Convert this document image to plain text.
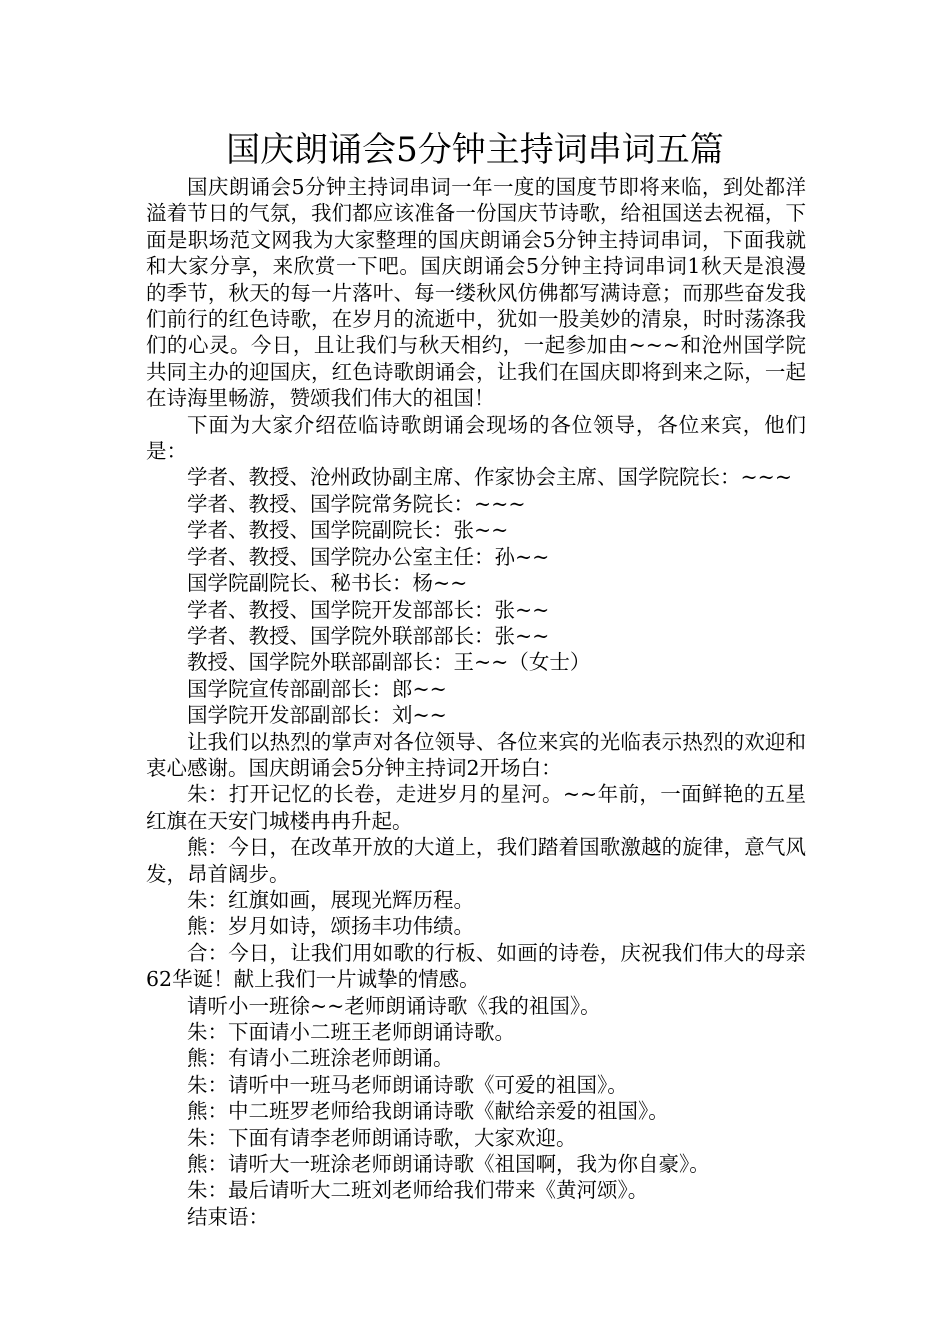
国庆朗诵会5分钟主持词串词五篇

国庆朗诵会5分钟主持词串词一年一度的国度节即将来临，到处都洋溢着节日的气氛，我们都应该准备一份国庆节诗歌，给祖国送去祝福，下面是职场范文网我为大家整理的国庆朗诵会5分钟主持词串词，下面我就和大家分享，来欣赏一下吧。国庆朗诵会5分钟主持词串词1秋天是浪漫的季节，秋天的每一片落叶、每一缕秋风仿佛都写满诗意；而那些奋发我们前行的红色诗歌，在岁月的流逝中，犹如一股美妙的清泉，时时荡涤我们的心灵。今日，且让我们与秋天相约，一起参加由~~~和沧州国学院共同主办的迎国庆，红色诗歌朗诵会，让我们在国庆即将到来之际，一起在诗海里畅游，赞颂我们伟大的祖国！

下面为大家介绍莅临诗歌朗诵会现场的各位领导，各位来宾，他们是：

学者、教授、沧州政协副主席、作家协会主席、国学院院长：~~~

学者、教授、国学院常务院长：~~~

学者、教授、国学院副院长：张~~

学者、教授、国学院办公室主任：孙~~

国学院副院长、秘书长：杨~~

学者、教授、国学院开发部部长：张~~

学者、教授、国学院外联部部长：张~~

教授、国学院外联部副部长：王~~（女士）

国学院宣传部副部长：郎~~

国学院开发部副部长：刘~~

让我们以热烈的掌声对各位领导、各位来宾的光临表示热烈的欢迎和衷心感谢。国庆朗诵会5分钟主持词2开场白：

朱：打开记忆的长卷，走进岁月的星河。~~年前，一面鲜艳的五星红旗在天安门城楼冉冉升起。

熊：今日，在改革开放的大道上，我们踏着国歌激越的旋律，意气风发，昂首阔步。

朱：红旗如画，展现光辉历程。

熊：岁月如诗，颂扬丰功伟绩。

合：今日，让我们用如歌的行板、如画的诗卷，庆祝我们伟大的母亲62华诞！献上我们一片诚挚的情感。

请听小一班徐~~老师朗诵诗歌《我的祖国》。

朱：下面请小二班王老师朗诵诗歌。

熊：有请小二班涂老师朗诵。

朱：请听中一班马老师朗诵诗歌《可爱的祖国》。

熊：中二班罗老师给我朗诵诗歌《献给亲爱的祖国》。

朱：下面有请李老师朗诵诗歌，大家欢迎。

熊：请听大一班涂老师朗诵诗歌《祖国啊，我为你自豪》。

朱：最后请听大二班刘老师给我们带来《黄河颂》。

结束语：
